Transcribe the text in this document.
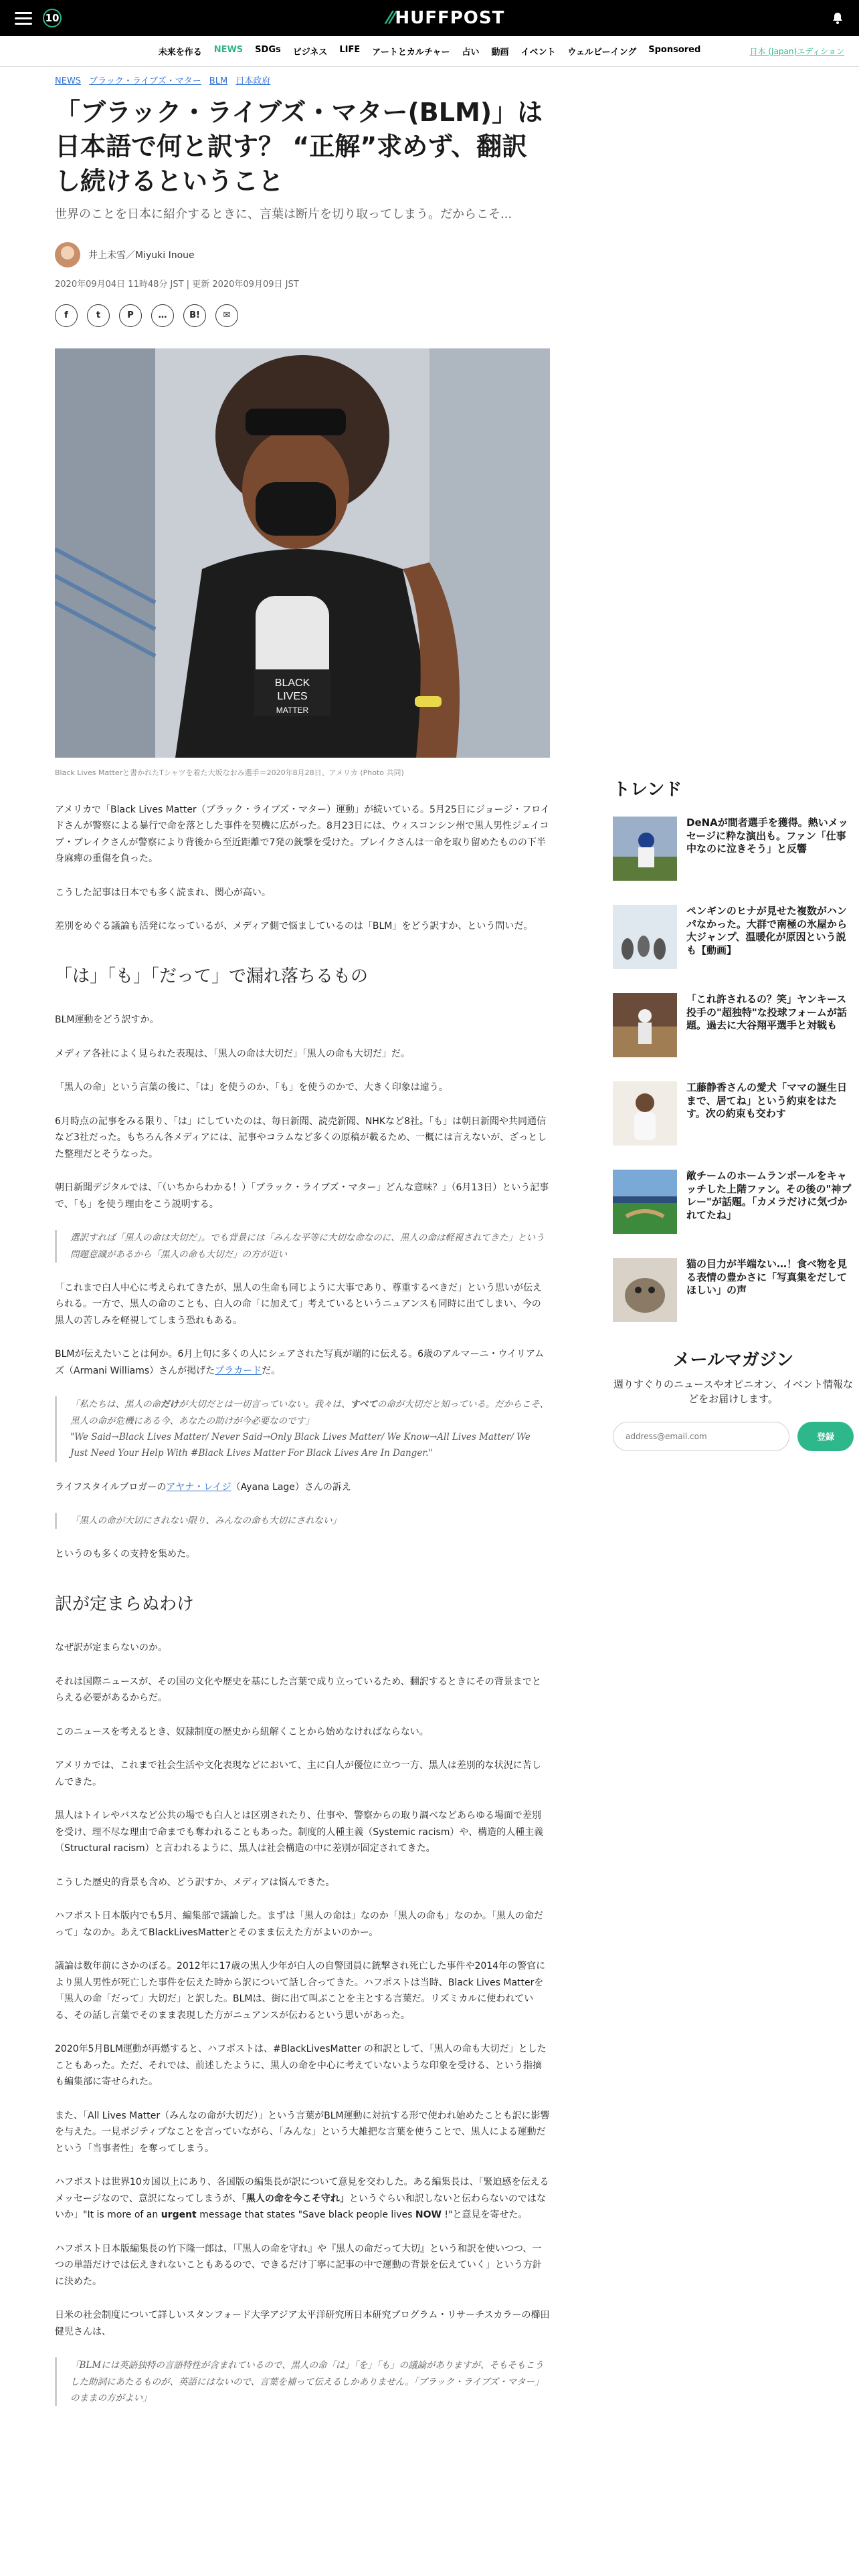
10	⁄⁄HUFFPOST
未来を作る NEWS SDGs ビジネス LIFE アートとカルチャー 占い 動画 イベント ウェルビーイング Sponsored	日本 (Japan)エディション
NEWS ブラック・ライブズ・マター BLM 日本政府
「ブラック・ライブズ・マター(BLM)」は日本語で何と訳す？ “正解”求めず、翻訳し続けるということ

世界のことを日本に紹介するときに、言葉は断片を切り取ってしまう。だからこそ...

井上未雪／Miyuki Inoue
2020年09月04日 11時48分 JST | 更新 2020年09月09日 JST
f	t	P	…	B!	✉
BLACK
LIVES
MATTER
Black Lives Matterと書かれたTシャツを着た大坂なおみ選手＝2020年8月28日、アメリカ (Photo 共同)

アメリカで「Black Lives Matter（ブラック・ライブズ・マター）運動」が続いている。5月25日にジョージ・フロイドさんが警察による暴行で命を落とした事件を契機に広がった。8月23日には、ウィスコンシン州で黒人男性ジェイコブ・ブレイクさんが警察により背後から至近距離で7発の銃撃を受けた。ブレイクさんは一命を取り留めたものの下半身麻痺の重傷を負った。

こうした記事は日本でも多く読まれ、関心が高い。

差別をめぐる議論も活発になっているが、メディア側で悩ましているのは「BLM」をどう訳すか、という問いだ。

「は」「も」「だって」で漏れ落ちるもの

BLM運動をどう訳すか。

メディア各社によく見られた表現は、「黒人の命は大切だ」「黒人の命も大切だ」だ。

「黒人の命」という言葉の後に、「は」を使うのか、「も」を使うのかで、大きく印象は違う。

6月時点の記事をみる限り、「は」にしていたのは、毎日新聞、読売新聞、NHKなど8社。「も」は朝日新聞や共同通信など3社だった。もちろん各メディアには、記事やコラムなど多くの原稿が載るため、一概には言えないが、ざっとした整理だとそうなった。

朝日新聞デジタルでは、「（いちからわかる！）「ブラック・ライブズ・マター」どんな意味？」（6月13日）という記事で、「も」を使う理由をこう説明する。

選訳すれば「黒人の命は大切だ」。でも背景には「みんな平等に大切な命なのに、黒人の命は軽視されてきた」という問題意識があるから「黒人の命も大切だ」の方が近い

「これまで白人中心に考えられてきたが、黒人の生命も同じように大事であり、尊重するべきだ」という思いが伝えられる。一方で、黒人の命のことも、白人の命「に加えて」考えているというニュアンスも同時に出てしまい、今の黒人の苦しみを軽視してしまう恐れもある。

BLMが伝えたいことは何か。6月上旬に多くの人にシェアされた写真が端的に伝える。6歳のアルマーニ・ウイリアムズ（Armani Williams）さんが掲げたプラカードだ。

「私たちは、黒人の命だけが大切だとは一切言っていない。我々は、すべての命が大切だと知っている。だからこそ、黒人の命が危機にある今、あなたの助けが今必要なのです」
"We Said→Black Lives Matter/ Never Said→Only Black Lives Matter/ We Know→All Lives Matter/ We Just Need Your Help With #Black Lives Matter For Black Lives Are In Danger."

ライフスタイルブロガーのアヤナ・レイジ（Ayana Lage）さんの訴え

「黒人の命が大切にされない限り、みんなの命も大切にされない」

というのも多くの支持を集めた。

訳が定まらぬわけ

なぜ訳が定まらないのか。

それは国際ニュースが、その国の文化や歴史を基にした言葉で成り立っているため、翻訳するときにその背景までとらえる必要があるからだ。

このニュースを考えるとき、奴隷制度の歴史から紐解くことから始めなければならない。

アメリカでは、これまで社会生活や文化表現などにおいて、主に白人が優位に立つ一方、黒人は差別的な状況に苦しんできた。

黒人はトイレやバスなど公共の場でも白人とは区別されたり、仕事や、警察からの取り調べなどあらゆる場面で差別を受け、理不尽な理由で命までも奪われることもあった。制度的人種主義（Systemic racism）や、構造的人種主義（Structural racism）と言われるように、黒人は社会構造の中に差別が固定されてきた。

こうした歴史的背景も含め、どう訳すか、メディアは悩んできた。

ハフポスト日本版内でも5月、編集部で議論した。まずは「黒人の命は」なのか「黒人の命も」なのか。「黒人の命だって」なのか。あえてBlackLivesMatterとそのまま伝えた方がよいのかー。

議論は数年前にさかのぼる。2012年に17歳の黒人少年が白人の自警団員に銃撃され死亡した事件や2014年の警官により黒人男性が死亡した事件を伝えた時から訳について話し合ってきた。ハフポストは当時、Black Lives Matterを「黒人の命「だって」大切だ」と訳した。BLMは、街に出て叫ぶことを主とする言葉だ。リズミカルに使われている、その話し言葉でそのまま表現した方がニュアンスが伝わるという思いがあった。

2020年5月BLM運動が再燃すると、ハフポストは、#BlackLivesMatter の和訳として、「黒人の命も大切だ」としたこともあった。ただ、それでは、前述したように、黒人の命を中心に考えていないような印象を受ける、という指摘も編集部に寄せられた。

また、「All Lives Matter（みんなの命が大切だ）」という言葉がBLM運動に対抗する形で使われ始めたことも訳に影響を与えた。一見ポジティブなことを言っていながら、「みんな」という大雑把な言葉を使うことで、黒人による運動だという「当事者性」を奪ってしまう。

ハフポストは世界10カ国以上にあり、各国版の編集長が訳について意見を交わした。ある編集長は、「緊迫感を伝えるメッセージなので、意訳になってしまうが、「黒人の命を今こそ守れ」というぐらい和訳しないと伝わらないのではないか」"It is more of an urgent message that states "Save black people lives NOW !"と意見を寄せた。

ハフポスト日本版編集長の竹下隆一郎は、「『黒人の命を守れ』や『黒人の命だって大切』という和訳を使いつつ、一つの単語だけでは伝えきれないこともあるので、できるだけ丁寧に記事の中で運動の背景を伝えていく」という方針に決めた。

日米の社会制度について詳しいスタンフォード大学アジア太平洋研究所日本研究プログラム・リサーチスカラーの櫛田健児さんは、

「BLMには英語独特の言語特性が含まれているので、黒人の命「は」「を」「も」の議論がありますが、そもそもこうした助詞にあたるものが、英語にはないので、言葉を補って伝えるしかありません。「ブラック・ライブズ・マター」のままの方がよい」

トレンド
DeNAが間者選手を獲得。熱いメッセージに粋な演出も。ファン「仕事中なのに泣きそう」と反響
ペンギンのヒナが見せた複数がハンパなかった。大群で南極の氷屋から大ジャンプ、温暖化が原因という説も【動画】
「これ許されるの？笑」ヤンキース投手の"超独特"な投球フォームが話題。過去に大谷翔平選手と対戦も
工藤静香さんの愛犬「ママの誕生日まで、居てね」という約束をはたす。次の約束も交わす
敵チームのホームランボールをキャッチした上階ファン。その後の"神プレー"が話題。「カメラだけに気づかれてたね」
猫の目力が半端ない…！食べ物を見る表情の豊かさに「写真集をだしてほしい」の声
メールマガジン

週りすぐりのニュースやオピニオン、イベント情報などをお届けします。

address@email.com
登録
